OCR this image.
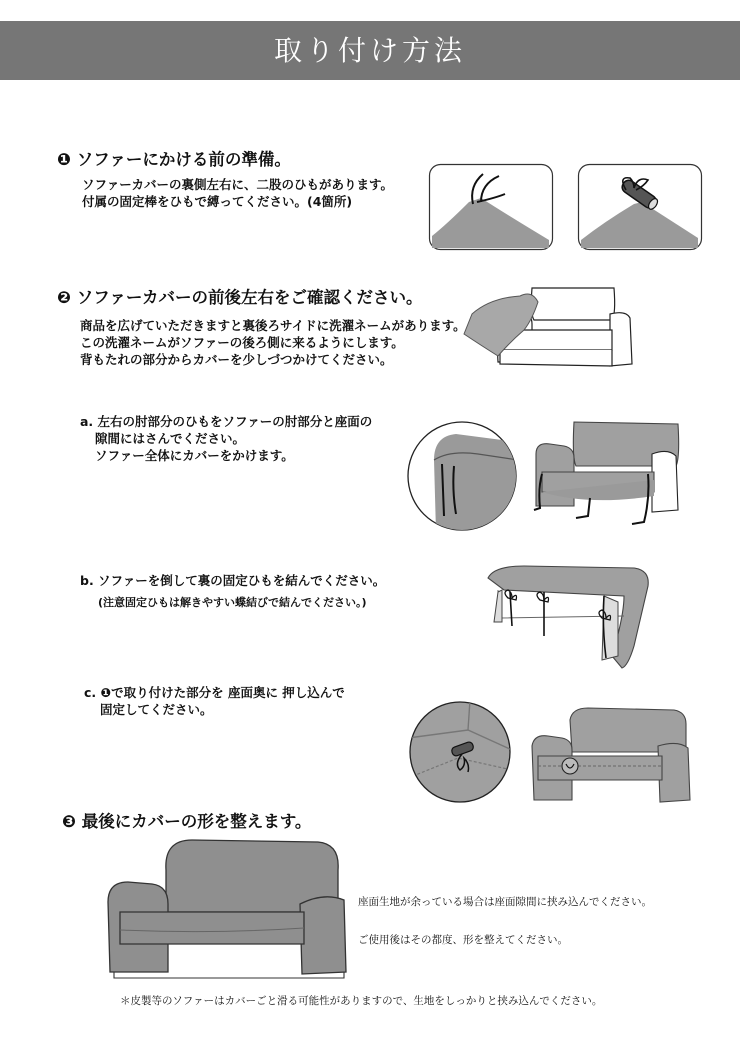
取り付け方法
❶ ソファーにかける前の準備。
ソファーカバーの裏側左右に、二股のひもがあります。
付属の固定棒をひもで縛ってください。(4箇所)
❷ ソファーカバーの前後左右をご確認ください。
商品を広げていただきますと裏後ろサイドに洗濯ネームがあります。
この洗濯ネームがソファーの後ろ側に来るようにします。
背もたれの部分からカバーを少しづつかけてください。
a. 左右の肘部分のひもをソファーの肘部分と座面の
隙間にはさんでください。
ソファー全体にカバーをかけます。
b. ソファーを倒して裏の固定ひもを結んでください。
(注意固定ひもは解きやすい蝶結びで結んでください。)
c. ❶で取り付けた部分を 座面奥に 押し込んで
固定してください。
❸ 最後にカバーの形を整えます。
座面生地が余っている場合は座面隙間に挟み込んでください。
ご使用後はその都度、形を整えてください。
＊皮製等のソファーはカバーごと滑る可能性がありますので、生地をしっかりと挟み込んでください。
